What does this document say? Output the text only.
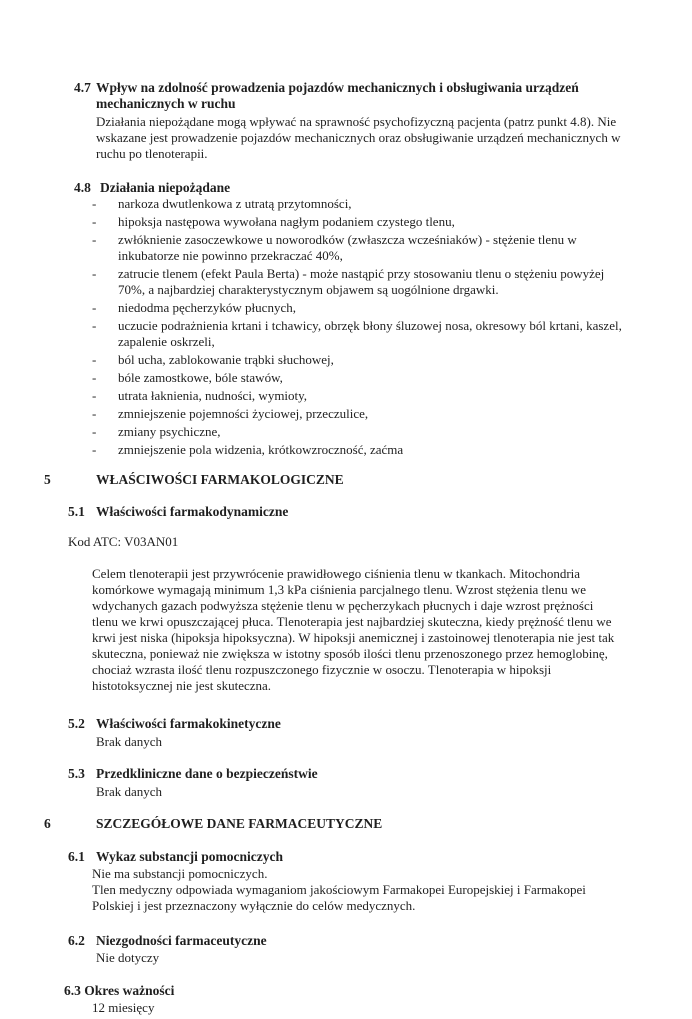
4.7 Wpływ na zdolność prowadzenia pojazdów mechanicznych i obsługiwania urządzeń
mechanicznych w ruchu
Działania niepożądane mogą wpływać na sprawność psychofizyczną pacjenta (patrz punkt 4.8). Nie
wskazane jest prowadzenie pojazdów mechanicznych oraz obsługiwanie urządzeń mechanicznych w
ruchu po tlenoterapii.
4.8 Działania niepożądane
- narkoza dwutlenkowa z utratą przytomności,
- hipoksja następowa wywołana nagłym podaniem czystego tlenu,
- zwłóknienie zasoczewkowe u noworodków (zwłaszcza wcześniaków) - stężenie tlenu w
inkubatorze nie powinno przekraczać 40%,
- zatrucie tlenem (efekt Paula Berta) - może nastąpić przy stosowaniu tlenu o stężeniu powyżej
70%, a najbardziej charakterystycznym objawem są uogólnione drgawki.
- niedodma pęcherzyków płucnych,
- uczucie podrażnienia krtani i tchawicy, obrzęk błony śluzowej nosa, okresowy ból krtani, kaszel,
zapalenie oskrzeli,
- ból ucha, zablokowanie trąbki słuchowej,
- bóle zamostkowe, bóle stawów,
- utrata łaknienia, nudności, wymioty,
- zmniejszenie pojemności życiowej, przeczulice,
- zmiany psychiczne,
- zmniejszenie pola widzenia, krótkowzroczność, zaćma
5	WŁAŚCIWOŚCI FARMAKOLOGICZNE
5.1 Właściwości farmakodynamiczne
Kod ATC: V03AN01
Celem tlenoterapii jest przywrócenie prawidłowego ciśnienia tlenu w tkankach. Mitochondria
komórkowe wymagają minimum 1,3 kPa ciśnienia parcjalnego tlenu. Wzrost stężenia tlenu we
wdychanych gazach podwyższa stężenie tlenu w pęcherzykach płucnych i daje wzrost prężności
tlenu we krwi opuszczającej płuca. Tlenoterapia jest najbardziej skuteczna, kiedy prężność tlenu we
krwi jest niska (hipoksja hipoksyczna). W hipoksji anemicznej i zastoinowej tlenoterapia nie jest tak
skuteczna, ponieważ nie zwiększa w istotny sposób ilości tlenu przenoszonego przez hemoglobinę,
chociaż wzrasta ilość tlenu rozpuszczonego fizycznie w osoczu. Tlenoterapia w hipoksji
histotoksycznej nie jest skuteczna.
5.2 Właściwości farmakokinetyczne
Brak danych
5.3 Przedkliniczne dane o bezpieczeństwie
Brak danych
6	SZCZEGÓŁOWE DANE FARMACEUTYCZNE
6.1 Wykaz substancji pomocniczych
Nie ma substancji pomocniczych.
Tlen medyczny odpowiada wymaganiom jakościowym Farmakopei Europejskiej i Farmakopei
Polskiej i jest przeznaczony wyłącznie do celów medycznych.
6.2 Niezgodności farmaceutyczne
Nie dotyczy
6.3 Okres ważności
12 miesięcy
